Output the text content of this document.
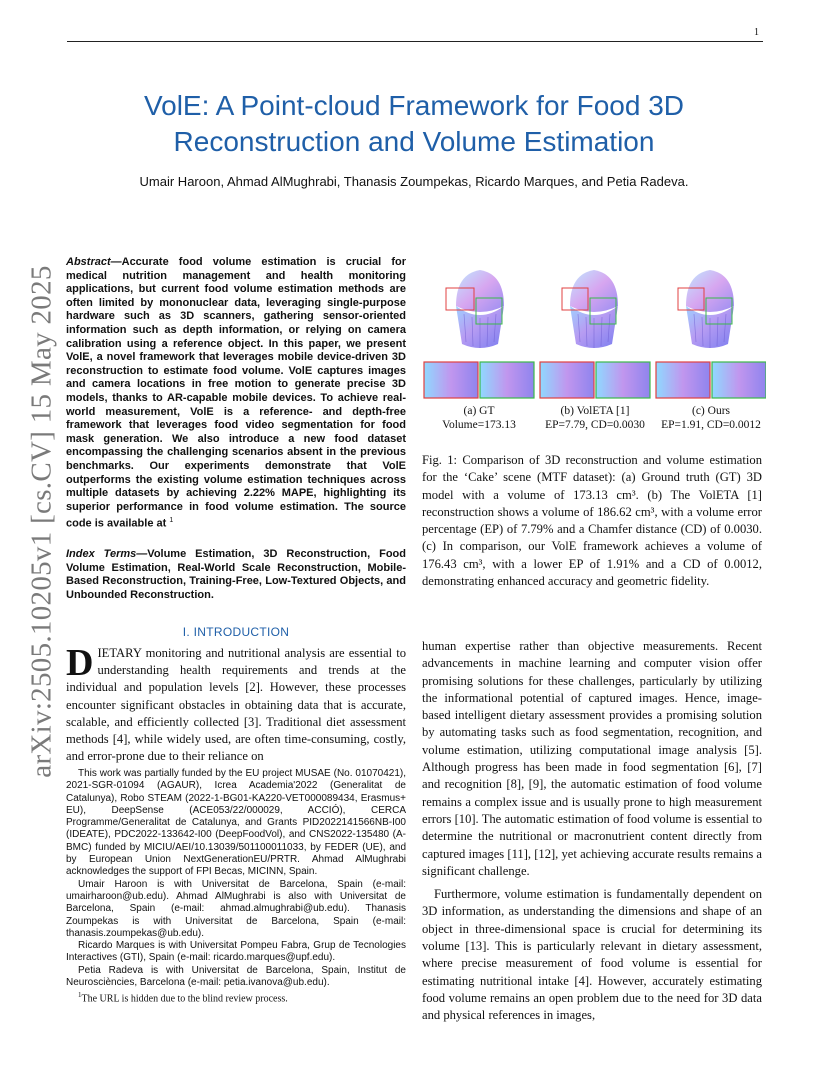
1
arXiv:2505.10205v1 [cs.CV] 15 May 2025
VolE: A Point-cloud Framework for Food 3D
Reconstruction and Volume Estimation
Umair Haroon, Ahmad AlMughrabi, Thanasis Zoumpekas, Ricardo Marques, and Petia Radeva.
Abstract—Accurate food volume estimation is crucial for medical nutrition management and health monitoring applications, but current food volume estimation methods are often limited by mononuclear data, leveraging single-purpose hardware such as 3D scanners, gathering sensor-oriented information such as depth information, or relying on camera calibration using a reference object. In this paper, we present VolE, a novel framework that leverages mobile device-driven 3D reconstruction to estimate food volume. VolE captures images and camera locations in free motion to generate precise 3D models, thanks to AR-capable mobile devices. To achieve real-world measurement, VolE is a reference- and depth-free framework that leverages food video segmentation for food mask generation. We also introduce a new food dataset encompassing the challenging scenarios absent in the previous benchmarks. Our experiments demonstrate that VolE outperforms the existing volume estimation techniques across multiple datasets by achieving 2.22% MAPE, highlighting its superior performance in food volume estimation. The source code is available at $^1$
Index Terms—Volume Estimation, 3D Reconstruction, Food Volume Estimation, Real-World Scale Reconstruction, Mobile-Based Reconstruction, Training-Free, Low-Textured Objects, and Unbounded Reconstruction.
I. INTRODUCTION
DIETARY monitoring and nutritional analysis are essential to understanding health requirements and trends at the individual and population levels [2]. However, these processes encounter significant obstacles in obtaining data that is accurate, scalable, and efficiently collected [3]. Traditional diet assessment methods [4], while widely used, are often time-consuming, costly, and error-prone due to their reliance on

This work was partially funded by the EU project MUSAE (No. 01070421), 2021-SGR-01094 (AGAUR), Icrea Academia'2022 (Generalitat de Catalunya), Robo STEAM (2022-1-BG01-KA220-VET000089434, Erasmus+ EU), DeepSense (ACE053/22/000029, ACCIÓ), CERCA Programme/Generalitat de Catalunya, and Grants PID2022141566NB-I00 (IDEATE), PDC2022-133642-I00 (DeepFoodVol), and CNS2022-135480 (A-BMC) funded by MICIU/AEI/10.13039/501100011033, by FEDER (UE), and by European Union NextGenerationEU/PRTR. Ahmad AlMughrabi acknowledges the support of FPI Becas, MICINN, Spain.

Umair Haroon is with Universitat de Barcelona, Spain (e-mail: umairharoon@ub.edu). Ahmad AlMughrabi is also with Universitat de Barcelona, Spain (e-mail: ahmad.almughrabi@ub.edu). Thanasis Zoumpekas is with Universitat de Barcelona, Spain (e-mail: thanasis.zoumpekas@ub.edu).

Ricardo Marques is with Universitat Pompeu Fabra, Grup de Tecnologies Interactives (GTI), Spain (e-mail: ricardo.marques@upf.edu).

Petia Radeva is with Universitat de Barcelona, Spain, Institut de Neurosciències, Barcelona (e-mail: petia.ivanova@ub.edu).

$^1$The URL is hidden due to the blind review process.

(a) GT
Volume=173.13
(b) VolETA [1]
EP=7.79, CD=0.0030
(c) Ours
EP=1.91, CD=0.0012
Fig. 1: Comparison of 3D reconstruction and volume estimation for the ‘Cake’ scene (MTF dataset): (a) Ground truth (GT) 3D model with a volume of 173.13 cm³. (b) The VolETA [1] reconstruction shows a volume of 186.62 cm³, with a volume error percentage (EP) of 7.79% and a Chamfer distance (CD) of 0.0030. (c) In comparison, our VolE framework achieves a volume of 176.43 cm³, with a lower EP of 1.91% and a CD of 0.0012, demonstrating enhanced accuracy and geometric fidelity.

human expertise rather than objective measurements. Recent advancements in machine learning and computer vision offer promising solutions for these challenges, particularly by utilizing the informational potential of captured images. Hence, image-based intelligent dietary assessment provides a promising solution by automating tasks such as food segmentation, recognition, and volume estimation, utilizing computational image analysis [5]. Although progress has been made in food segmentation [6], [7] and recognition [8], [9], the automatic estimation of food volume remains a complex issue and is usually prone to high measurement errors [10]. The automatic estimation of food volume is essential to determine the nutritional or macronutrient content directly from captured images [11], [12], yet achieving accurate results remains a significant challenge.

Furthermore, volume estimation is fundamentally dependent on 3D information, as understanding the dimensions and shape of an object in three-dimensional space is crucial for determining its volume [13]. This is particularly relevant in dietary assessment, where precise measurement of food volume is essential for estimating nutritional intake [4]. However, accurately estimating food volume remains an open problem due to the need for 3D data and physical references in images,
